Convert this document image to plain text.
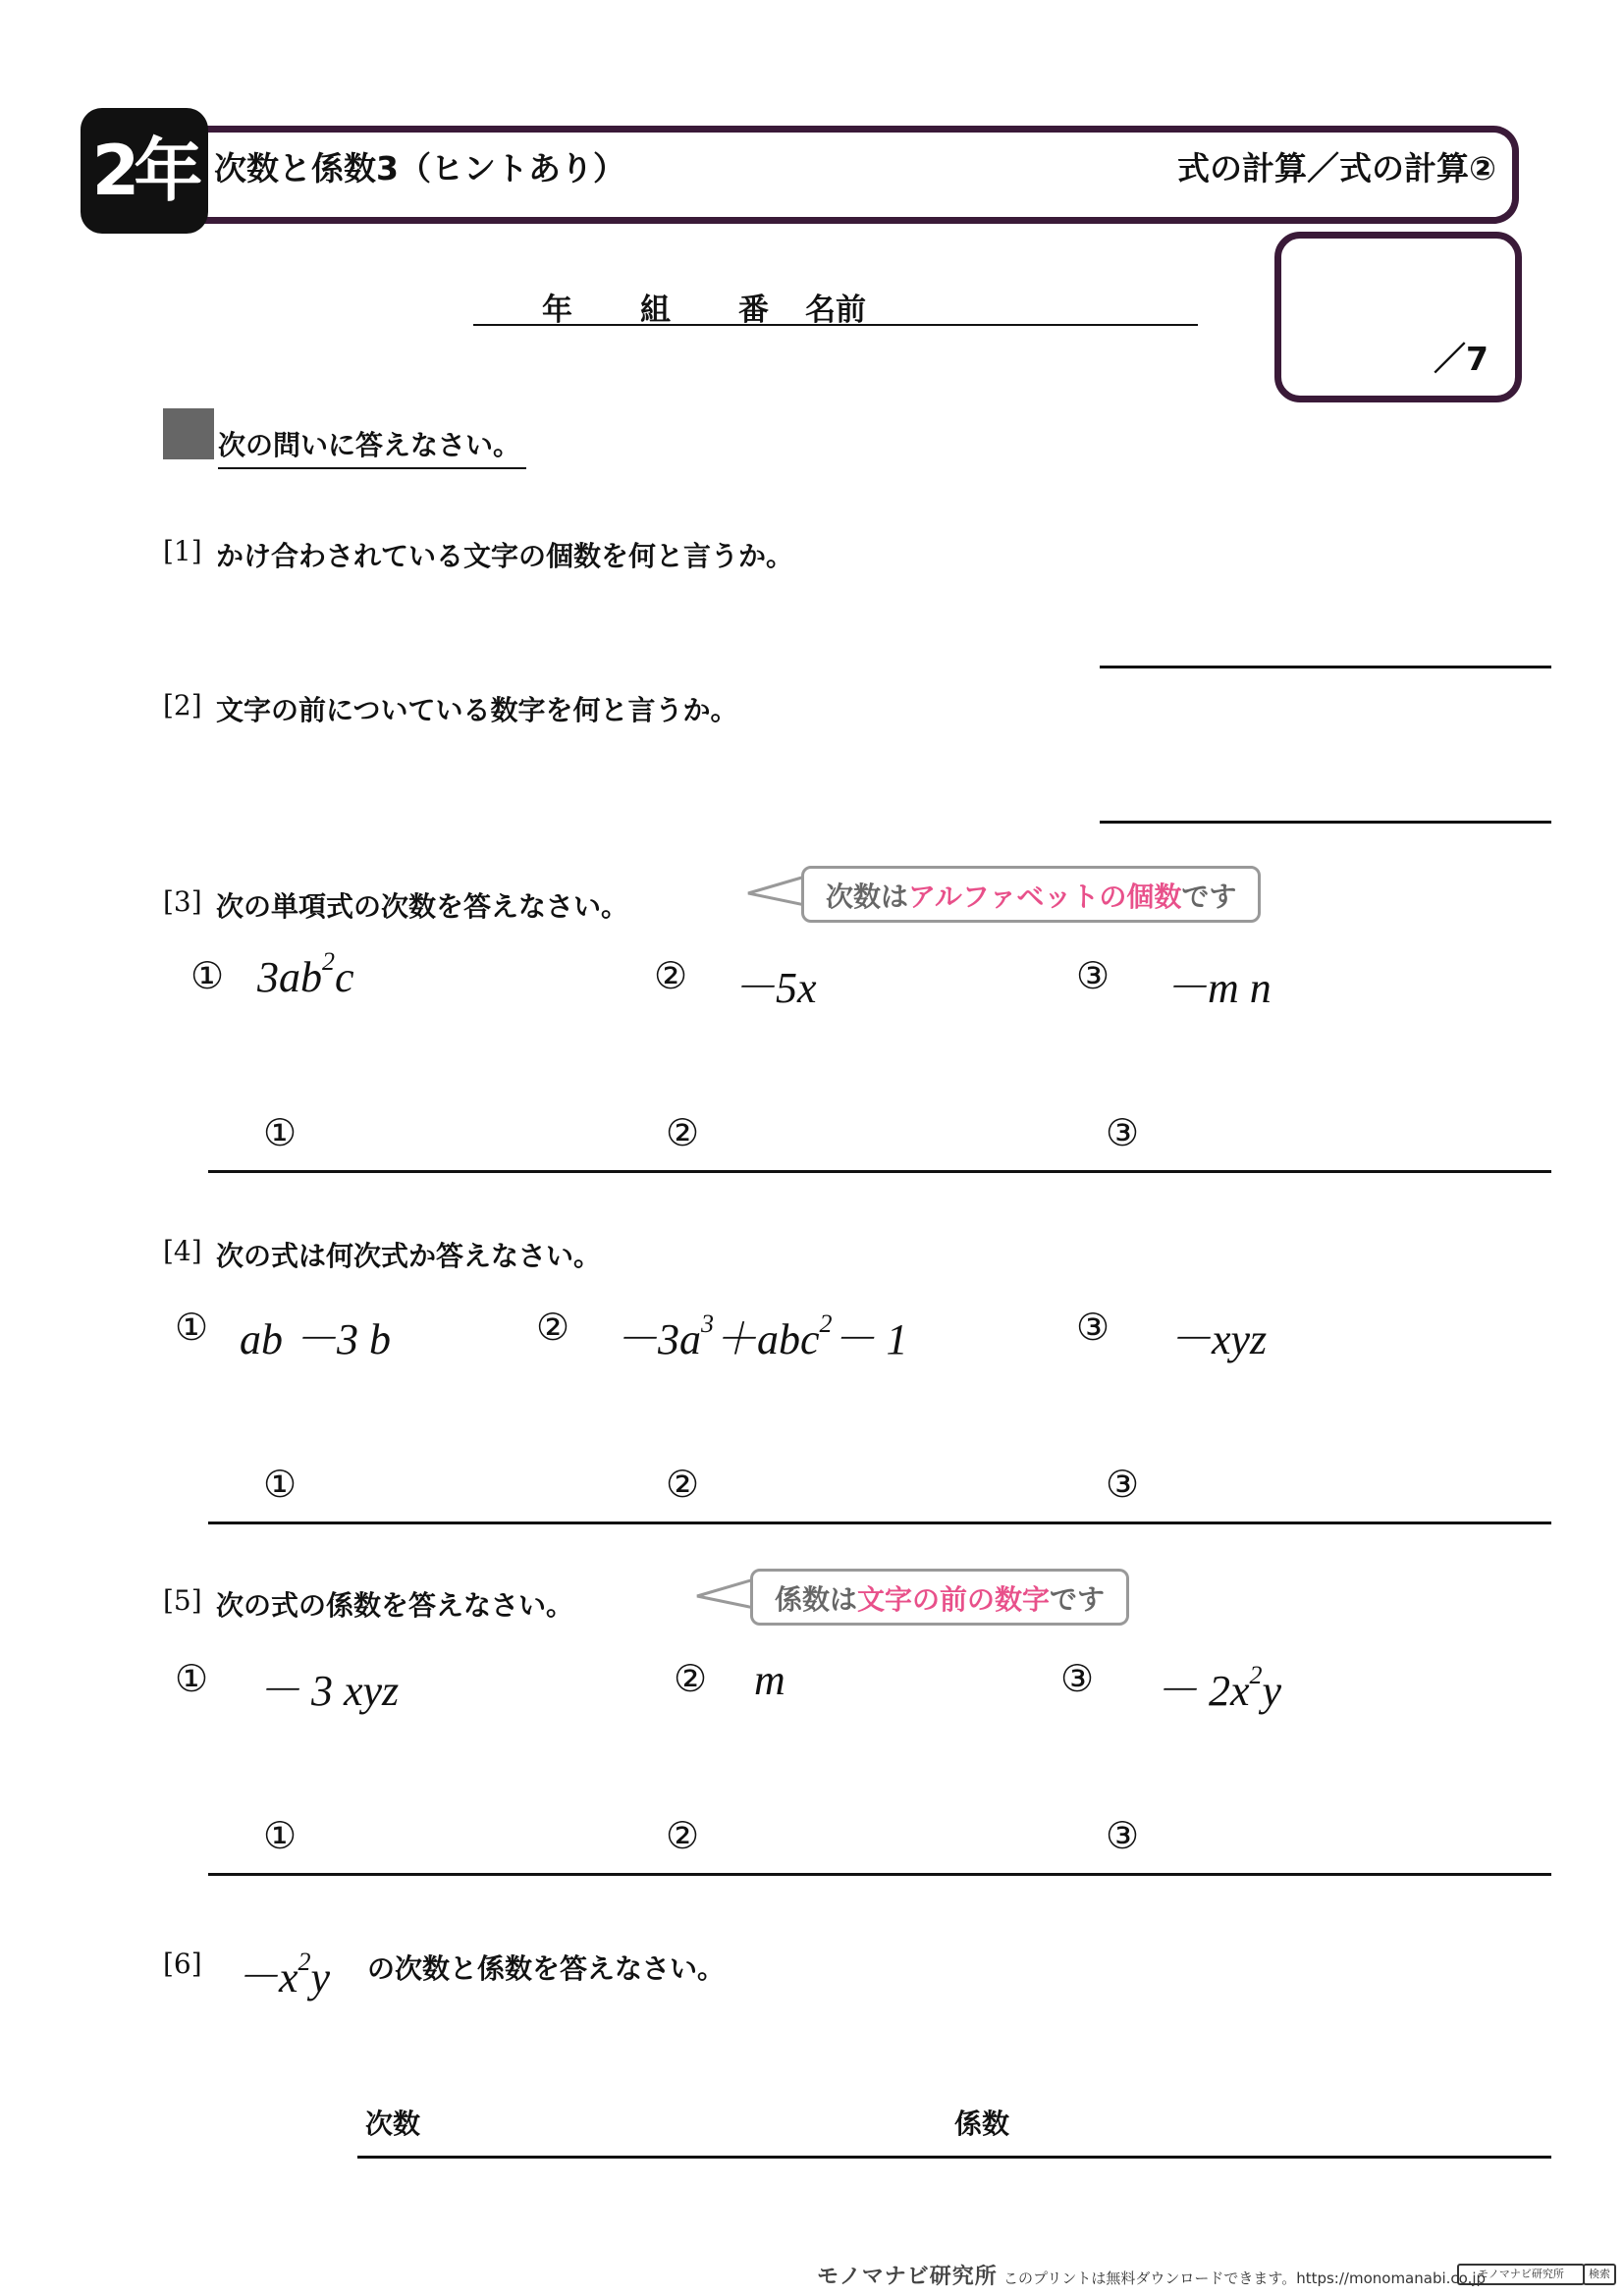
2年 次数と係数3（ヒントあり）	式の計算／式の計算②
年 組 番 名前
／7
次の問いに答えなさい。
[1] かけ合わされている文字の個数を何と言うか。
[2] 文字の前についている数字を何と言うか。
[3] 次の単項式の次数を答えなさい。	次数はアルファベットの個数です
① $3ab^2c$	② －5x	③ －m n
①	②	③
[4] 次の式は何次式か答えなさい。
① ab －3 b	② $-3a^3+abc^2- 1$	③ －xyz
①	②	③
[5] 次の式の係数を答えなさい。	係数は文字の前の数字です
① － 3 xyz	② m	③ － $2x^2y$
①	②	③
$[6] -x^2y$ の次数と係数を答えなさい。
次数	係数
モノマナビ研究所 このプリントは無料ダウンロードできます。https://monomanabi.co.jp
モノマナビ研究所	検索
